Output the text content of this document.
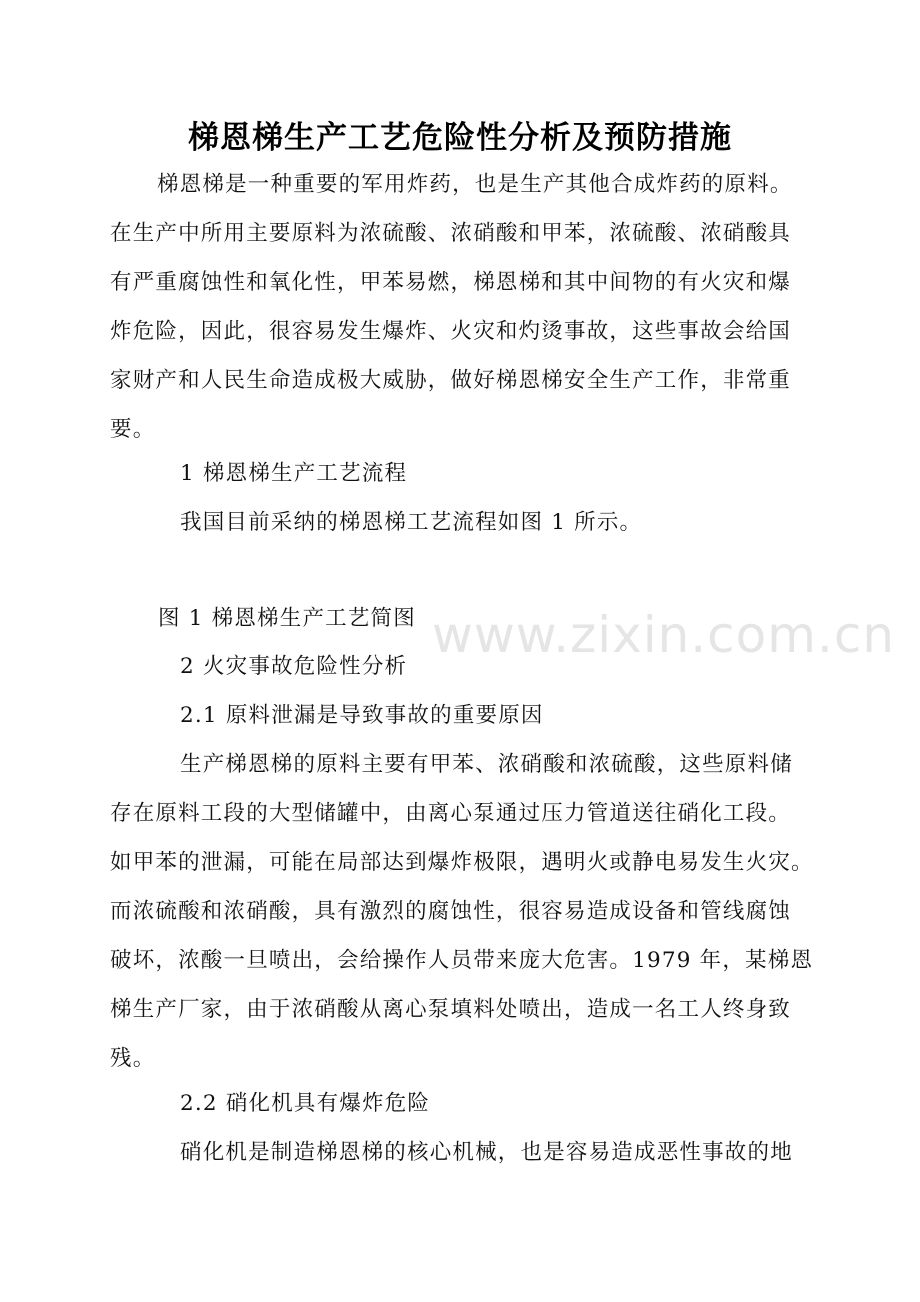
梯恩梯生产工艺危险性分析及预防措施
梯恩梯是一种重要的军用炸药，也是生产其他合成炸药的原料。
在生产中所用主要原料为浓硫酸、浓硝酸和甲苯，浓硫酸、浓硝酸具
有严重腐蚀性和氧化性，甲苯易燃，梯恩梯和其中间物的有火灾和爆
炸危险，因此，很容易发生爆炸、火灾和灼烫事故，这些事故会给国
家财产和人民生命造成极大威胁，做好梯恩梯安全生产工作，非常重
要。
1 梯恩梯生产工艺流程
我国目前采纳的梯恩梯工艺流程如图 1 所示。
图 1 梯恩梯生产工艺简图
2 火灾事故危险性分析
2.1 原料泄漏是导致事故的重要原因
生产梯恩梯的原料主要有甲苯、浓硝酸和浓硫酸，这些原料储
存在原料工段的大型储罐中，由离心泵通过压力管道送往硝化工段。
如甲苯的泄漏，可能在局部达到爆炸极限，遇明火或静电易发生火灾。
而浓硫酸和浓硝酸，具有激烈的腐蚀性，很容易造成设备和管线腐蚀
破坏，浓酸一旦喷出，会给操作人员带来庞大危害。1979 年，某梯恩
梯生产厂家，由于浓硝酸从离心泵填料处喷出，造成一名工人终身致
残。
2.2 硝化机具有爆炸危险
硝化机是制造梯恩梯的核心机械，也是容易造成恶性事故的地
www.zixin.com.cn
